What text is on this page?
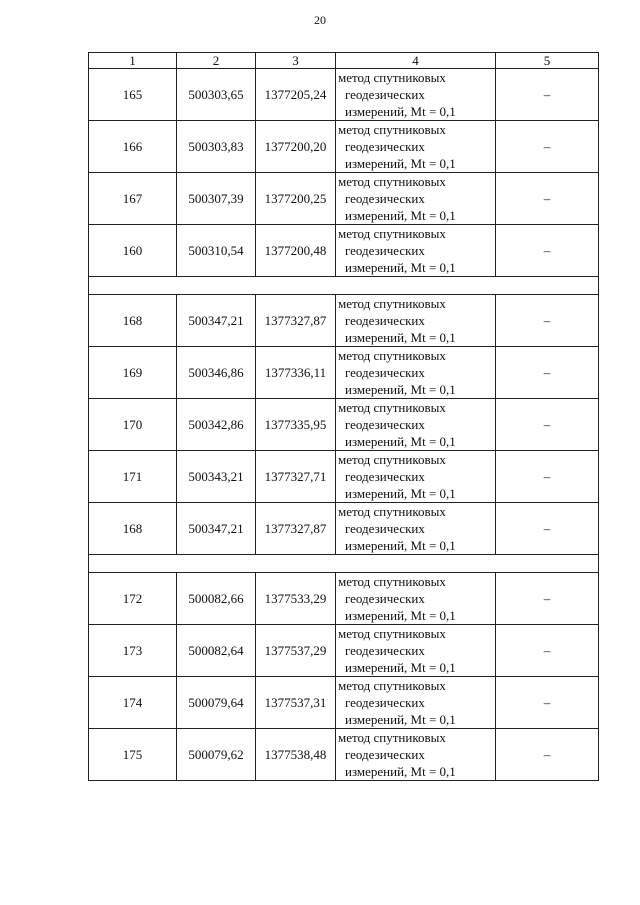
20
1	2	3	4	5
165	500303,65	1377205,24	метод спутниковых
геодезических
измерений, Mt = 0,1	–
166	500303,83	1377200,20	метод спутниковых
геодезических
измерений, Mt = 0,1	–
167	500307,39	1377200,25	метод спутниковых
геодезических
измерений, Mt = 0,1	–
160	500310,54	1377200,48	метод спутниковых
геодезических
измерений, Mt = 0,1	–

168	500347,21	1377327,87	метод спутниковых
геодезических
измерений, Mt = 0,1	–
169	500346,86	1377336,11	метод спутниковых
геодезических
измерений, Mt = 0,1	–
170	500342,86	1377335,95	метод спутниковых
геодезических
измерений, Mt = 0,1	–
171	500343,21	1377327,71	метод спутниковых
геодезических
измерений, Mt = 0,1	–
168	500347,21	1377327,87	метод спутниковых
геодезических
измерений, Mt = 0,1	–

172	500082,66	1377533,29	метод спутниковых
геодезических
измерений, Mt = 0,1	–
173	500082,64	1377537,29	метод спутниковых
геодезических
измерений, Mt = 0,1	–
174	500079,64	1377537,31	метод спутниковых
геодезических
измерений, Mt = 0,1	–
175	500079,62	1377538,48	метод спутниковых
геодезических
измерений, Mt = 0,1	–
